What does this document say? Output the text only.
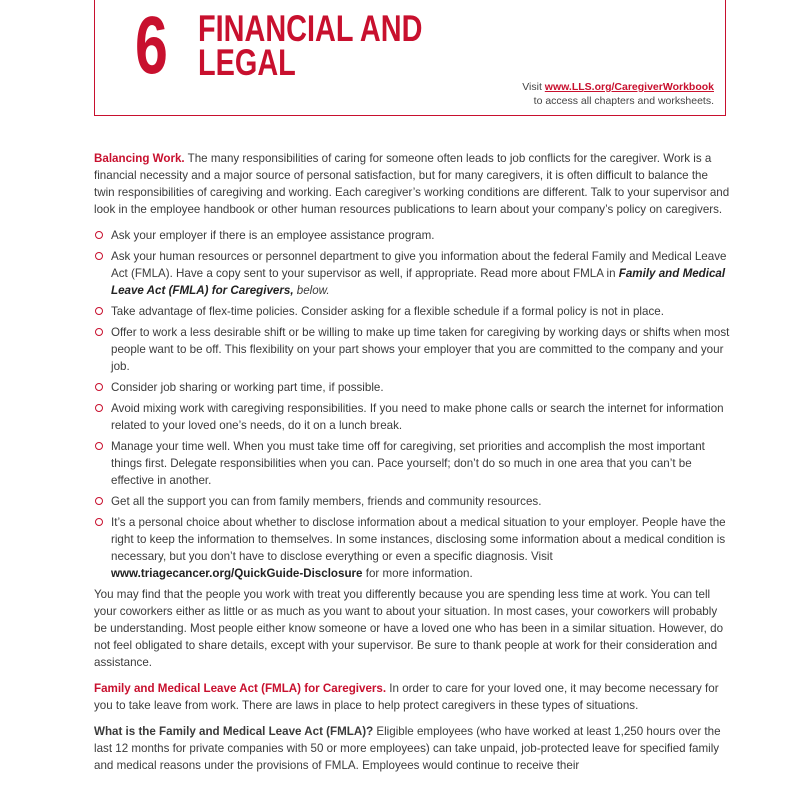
6 FINANCIAL AND
LEGAL
Visit www.LLS.org/CaregiverWorkbook
to access all chapters and worksheets.

Balancing Work. The many responsibilities of caring for someone often leads to job conflicts for the caregiver. Work is a financial necessity and a major source of personal satisfaction, but for many caregivers, it is often difficult to balance the twin responsibilities of caregiving and working. Each caregiver’s working conditions are different. Talk to your supervisor and look in the employee handbook or other human resources publications to learn about your company’s policy on caregivers.

Ask your employer if there is an employee assistance program.
Ask your human resources or personnel department to give you information about the federal Family and Medical Leave Act (FMLA). Have a copy sent to your supervisor as well, if appropriate. Read more about FMLA in Family and Medical Leave Act (FMLA) for Caregivers, below.
Take advantage of flex-time policies. Consider asking for a flexible schedule if a formal policy is not in place.
Offer to work a less desirable shift or be willing to make up time taken for caregiving by working days or shifts when most people want to be off. This flexibility on your part shows your employer that you are committed to the company and your job.
Consider job sharing or working part time, if possible.
Avoid mixing work with caregiving responsibilities. If you need to make phone calls or search the internet for information related to your loved one’s needs, do it on a lunch break.
Manage your time well. When you must take time off for caregiving, set priorities and accomplish the most important things first. Delegate responsibilities when you can. Pace yourself; don’t do so much in one area that you can’t be effective in another.
Get all the support you can from family members, friends and community resources.
It’s a personal choice about whether to disclose information about a medical situation to your employer. People have the right to keep the information to themselves. In some instances, disclosing some information about a medical condition is necessary, but you don’t have to disclose everything or even a specific diagnosis. Visit www.triagecancer.org/QuickGuide-Disclosure for more information.

You may find that the people you work with treat you differently because you are spending less time at work. You can tell your coworkers either as little or as much as you want to about your situation. In most cases, your coworkers will probably be understanding. Most people either know someone or have a loved one who has been in a similar situation. However, do not feel obligated to share details, except with your supervisor. Be sure to thank people at work for their consideration and assistance.

Family and Medical Leave Act (FMLA) for Caregivers. In order to care for your loved one, it may become necessary for you to take leave from work. There are laws in place to help protect caregivers in these types of situations.

What is the Family and Medical Leave Act (FMLA)? Eligible employees (who have worked at least 1,250 hours over the last 12 months for private companies with 50 or more employees) can take unpaid, job-protected leave for specified family and medical reasons under the provisions of FMLA. Employees would continue to receive their
